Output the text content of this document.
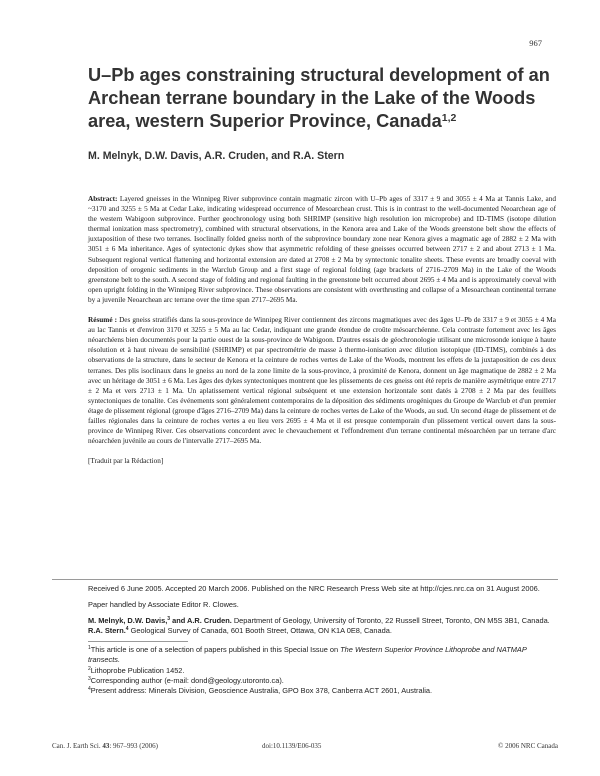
967
U–Pb ages constraining structural development of an Archean terrane boundary in the Lake of the Woods area, western Superior Province, Canada$^{1,2}$

M. Melnyk, D.W. Davis, A.R. Cruden, and R.A. Stern

Abstract: Layered gneisses in the Winnipeg River subprovince contain magmatic zircon with U–Pb ages of 3317 ± 9 and 3055 ± 4 Ma at Tannis Lake, and ~3170 and 3255 ± 5 Ma at Cedar Lake, indicating widespread occurrence of Mesoarchean crust. This is in contrast to the well-documented Neoarchean age of the western Wabigoon subprovince. Further geochronology using both SHRIMP (sensitive high resolution ion microprobe) and ID-TIMS (isotope dilution thermal ionization mass spectrometry), combined with structural observations, in the Kenora area and Lake of the Woods greenstone belt show the effects of juxtaposition of these two terranes. Isoclinally folded gneiss north of the subprovince boundary zone near Kenora gives a magmatic age of 2882 ± 2 Ma with 3051 ± 6 Ma inheritance. Ages of syntectonic dykes show that asymmetric refolding of these gneisses occurred between 2717 ± 2 and about 2713 ± 1 Ma. Subsequent regional vertical flattening and horizontal extension are dated at 2708 ± 2 Ma by syntectonic tonalite sheets. These events are broadly coeval with deposition of orogenic sediments in the Warclub Group and a first stage of regional folding (age brackets of 2716–2709 Ma) in the Lake of the Woods greenstone belt to the south. A second stage of folding and regional faulting in the greenstone belt occurred about 2695 ± 4 Ma and is approximately coeval with open upright folding in the Winnipeg River subprovince. These observations are consistent with overthrusting and collapse of a Mesoarchean continental terrane by a juvenile Neoarchean arc terrane over the time span 2717–2695 Ma.

Résumé : Des gneiss stratifiés dans la sous-province de Winnipeg River contiennent des zircons magmatiques avec des âges U–Pb de 3317 ± 9 et 3055 ± 4 Ma au lac Tannis et d'environ 3170 et 3255 ± 5 Ma au lac Cedar, indiquant une grande étendue de croûte mésoarchéenne. Cela contraste fortement avec les âges néoarchéens bien documentés pour la partie ouest de la sous-province de Wabigoon. D'autres essais de géochronologie utilisant une microsonde ionique à haute résolution et à haut niveau de sensibilité (SHRIMP) et par spectrométrie de masse à thermo-ionisation avec dilution isotopique (ID-TIMS), combinés à des observations de la structure, dans le secteur de Kenora et la ceinture de roches vertes de Lake of the Woods, montrent les effets de la juxtaposition de ces deux terranes. Des plis isoclinaux dans le gneiss au nord de la zone limite de la sous-province, à proximité de Kenora, donnent un âge magmatique de 2882 ± 2 Ma avec un héritage de 3051 ± 6 Ma. Les âges des dykes syntectoniques montrent que les plissements de ces gneiss ont été repris de manière asymétrique entre 2717 ± 2 Ma et vers 2713 ± 1 Ma. Un aplatissement vertical régional subséquent et une extension horizontale sont datés à 2708 ± 2 Ma par des feuillets syntectoniques de tonalite. Ces événements sont généralement contemporains de la déposition des sédiments orogéniques du Groupe de Warclub et d'un premier étage de plissement régional (groupe d'âges 2716–2709 Ma) dans la ceinture de roches vertes de Lake of the Woods, au sud. Un second étage de plissement et de failles régionales dans la ceinture de roches vertes a eu lieu vers 2695 ± 4 Ma et il est presque contemporain d'un plissement vertical ouvert dans la sous-province de Winnipeg River. Ces observations concordent avec le chevauchement et l'effondrement d'un terrane continental mésoarchéen par un terrane d'arc néoarchéen juvénile au cours de l'intervalle 2717–2695 Ma.

[Traduit par la Rédaction]

Received 6 June 2005. Accepted 20 March 2006. Published on the NRC Research Press Web site at http://cjes.nrc.ca on 31 August 2006.

Paper handled by Associate Editor R. Clowes.

M. Melnyk, D.W. Davis,$^3$ and A.R. Cruden. Department of Geology, University of Toronto, 22 Russell Street, Toronto, ON M5S 3B1, Canada.

R.A. Stern.$^4$ Geological Survey of Canada, 601 Booth Street, Ottawa, ON K1A 0E8, Canada.

$^1$This article is one of a selection of papers published in this Special Issue on The Western Superior Province Lithoprobe and NATMAP transects.

$^2$Lithoprobe Publication 1452.

$^3$Corresponding author (e-mail: dond@geology.utoronto.ca).

$^4$Present address: Minerals Division, Geoscience Australia, GPO Box 378, Canberra ACT 2601, Australia.

Can. J. Earth Sci. 43: 967–993 (2006)	doi:10.1139/E06-035	© 2006 NRC Canada
